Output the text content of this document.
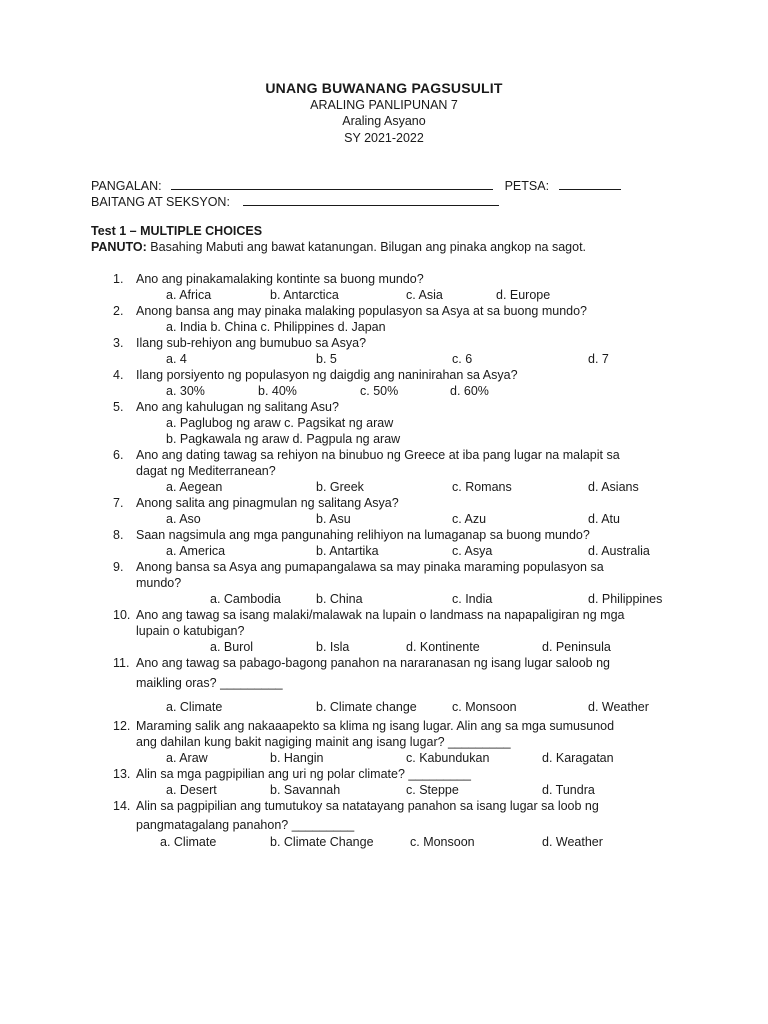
UNANG BUWANANG PAGSUSULIT
ARALING PANLIPUNAN 7
Araling Asyano
SY 2021-2022
PANGALAN:	PETSA:
BAITANG AT SEKSYON:
Test 1 – MULTIPLE CHOICES
PANUTO: Basahing Mabuti ang bawat katanungan. Bilugan ang pinaka angkop na sagot.
1. Ano ang pinakamalaking kontinte sa buong mundo?
a. Africa	b. Antarctica	c. Asia	d. Europe
2. Anong bansa ang may pinaka malaking populasyon sa Asya at sa buong mundo?
a. India b. China c. Philippines d. Japan
3. Ilang sub-rehiyon ang bumubuo sa Asya?
a. 4	b. 5	c. 6	d. 7
4. Ilang porsiyento ng populasyon ng daigdig ang naninirahan sa Asya?
a. 30%	b. 40%	c. 50%	d. 60%
5. Ano ang kahulugan ng salitang Asu?
a. Paglubog ng araw c. Pagsikat ng araw
b. Pagkawala ng araw d. Pagpula ng araw
6. Ano ang dating tawag sa rehiyon na binubuo ng Greece at iba pang lugar na malapit sa
dagat ng Mediterranean?
a. Aegean	b. Greek	c. Romans	d. Asians
7. Anong salita ang pinagmulan ng salitang Asya?
a. Aso	b. Asu	c. Azu	d. Atu
8. Saan nagsimula ang mga pangunahing relihiyon na lumaganap sa buong mundo?
a. America	b. Antartika	c. Asya	d. Australia
9. Anong bansa sa Asya ang pumapangalawa sa may pinaka maraming populasyon sa
mundo?
a. Cambodia	b. China	c. India	d. Philippines
10. Ano ang tawag sa isang malaki/malawak na lupain o landmass na napapaligiran ng mga
lupain o katubigan?
a. Burol	b. Isla	d. Kontinente	d. Peninsula
11. Ano ang tawag sa pabago-bagong panahon na nararanasan ng isang lugar saloob ng
maikling oras? _________
a. Climate	b. Climate change	c. Monsoon	d. Weather
12. Maraming salik ang nakaaapekto sa klima ng isang lugar. Alin ang sa mga sumusunod
ang dahilan kung bakit nagiging mainit ang isang lugar? _________
a. Araw	b. Hangin	c. Kabundukan	d. Karagatan
13. Alin sa mga pagpipilian ang uri ng polar climate? _________
a. Desert	b. Savannah	c. Steppe	d. Tundra
14. Alin sa pagpipilian ang tumutukoy sa natatayang panahon sa isang lugar sa loob ng
pangmatagalang panahon? _________
a. Climate	b. Climate Change	c. Monsoon	d. Weather
